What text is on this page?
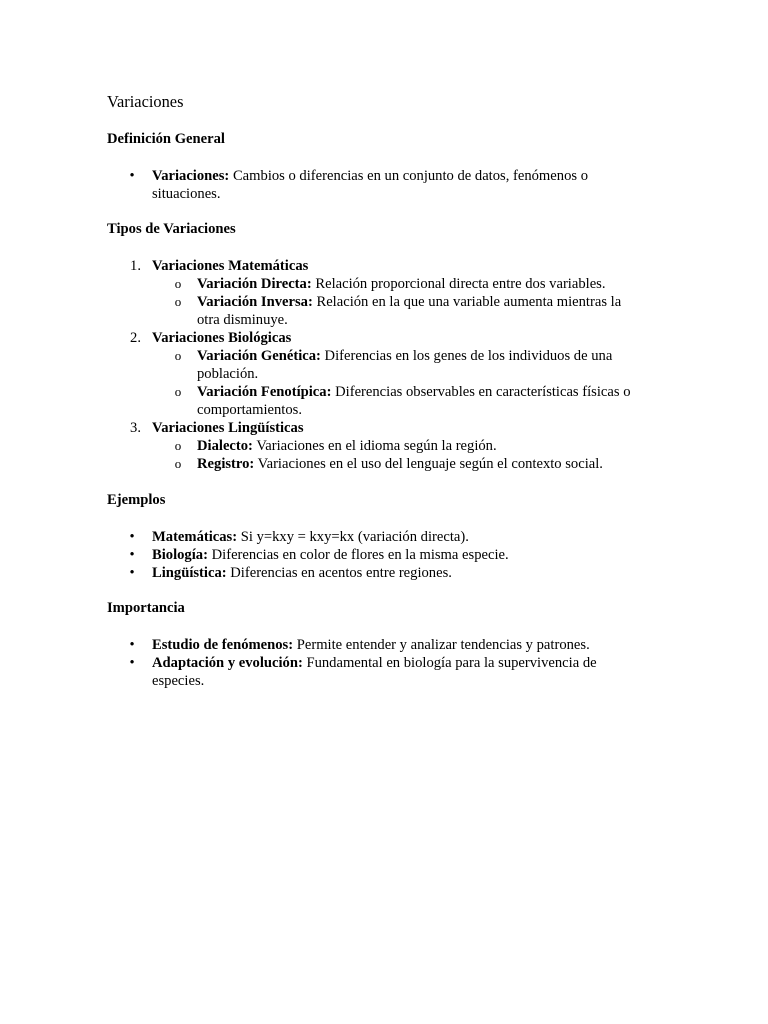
Variaciones
Definición General
• Variaciones: Cambios o diferencias en un conjunto de datos, fenómenos o
situaciones.
Tipos de Variaciones
1. Variaciones Matemáticas
o Variación Directa: Relación proporcional directa entre dos variables.
o Variación Inversa: Relación en la que una variable aumenta mientras la
otra disminuye.
2. Variaciones Biológicas
o Variación Genética: Diferencias en los genes de los individuos de una
población.
o Variación Fenotípica: Diferencias observables en características físicas o
comportamientos.
3. Variaciones Lingüísticas
o Dialecto: Variaciones en el idioma según la región.
o Registro: Variaciones en el uso del lenguaje según el contexto social.
Ejemplos
• Matemáticas: Si y=kxy = kxy=kx (variación directa).
• Biología: Diferencias en color de flores en la misma especie.
• Lingüística: Diferencias en acentos entre regiones.
Importancia
• Estudio de fenómenos: Permite entender y analizar tendencias y patrones.
• Adaptación y evolución: Fundamental en biología para la supervivencia de
especies.
